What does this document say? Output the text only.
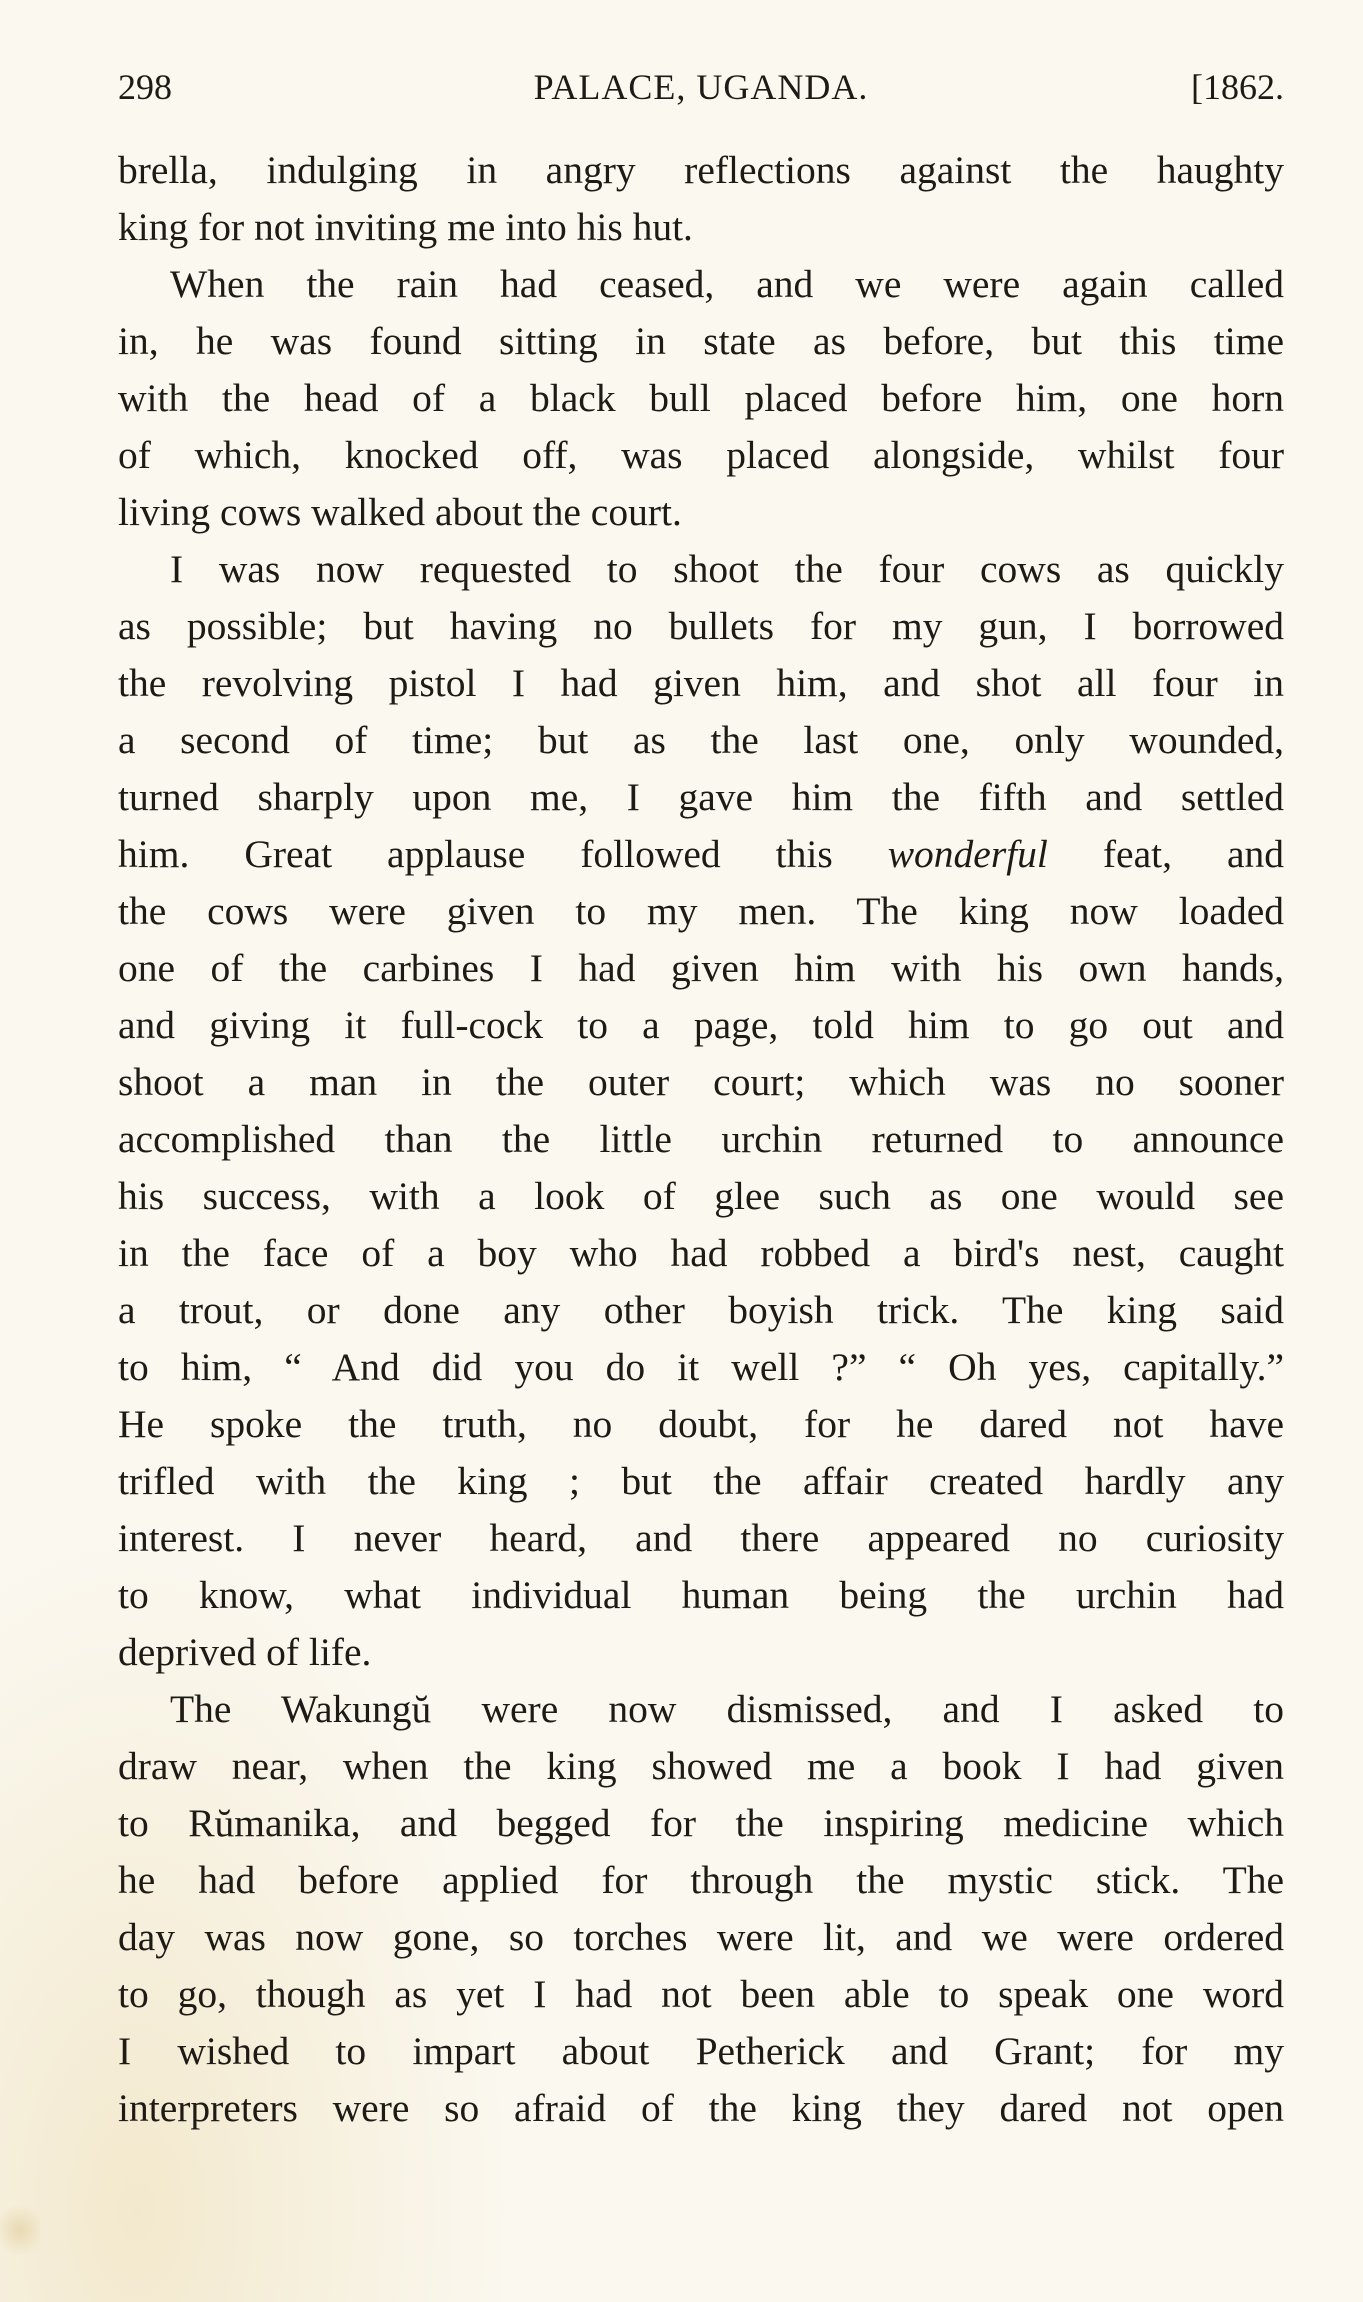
298	PALACE, UGANDA.	[1862.
brella, indulging in angry reflections against the haughty
king for not inviting me into his hut.
When the rain had ceased, and we were again called
in, he was found sitting in state as before, but this time
with the head of a black bull placed before him, one horn
of which, knocked off, was placed alongside, whilst four
living cows walked about the court.
I was now requested to shoot the four cows as quickly
as possible; but having no bullets for my gun, I borrowed
the revolving pistol I had given him, and shot all four in
a second of time; but as the last one, only wounded,
turned sharply upon me, I gave him the fifth and settled
him. Great applause followed this wonderful feat, and
the cows were given to my men. The king now loaded
one of the carbines I had given him with his own hands,
and giving it full-cock to a page, told him to go out and
shoot a man in the outer court; which was no sooner
accomplished than the little urchin returned to announce
his success, with a look of glee such as one would see
in the face of a boy who had robbed a bird's nest, caught
a trout, or done any other boyish trick. The king said
to him, “ And did you do it well ?” “ Oh yes, capitally.”
He spoke the truth, no doubt, for he dared not have
trifled with the king ; but the affair created hardly any
interest. I never heard, and there appeared no curiosity
to know, what individual human being the urchin had
deprived of life.
The Wakungŭ were now dismissed, and I asked to
draw near, when the king showed me a book I had given
to Rŭmanika, and begged for the inspiring medicine which
he had before applied for through the mystic stick. The
day was now gone, so torches were lit, and we were ordered
to go, though as yet I had not been able to speak one word
I wished to impart about Petherick and Grant; for my
interpreters were so afraid of the king they dared not open
